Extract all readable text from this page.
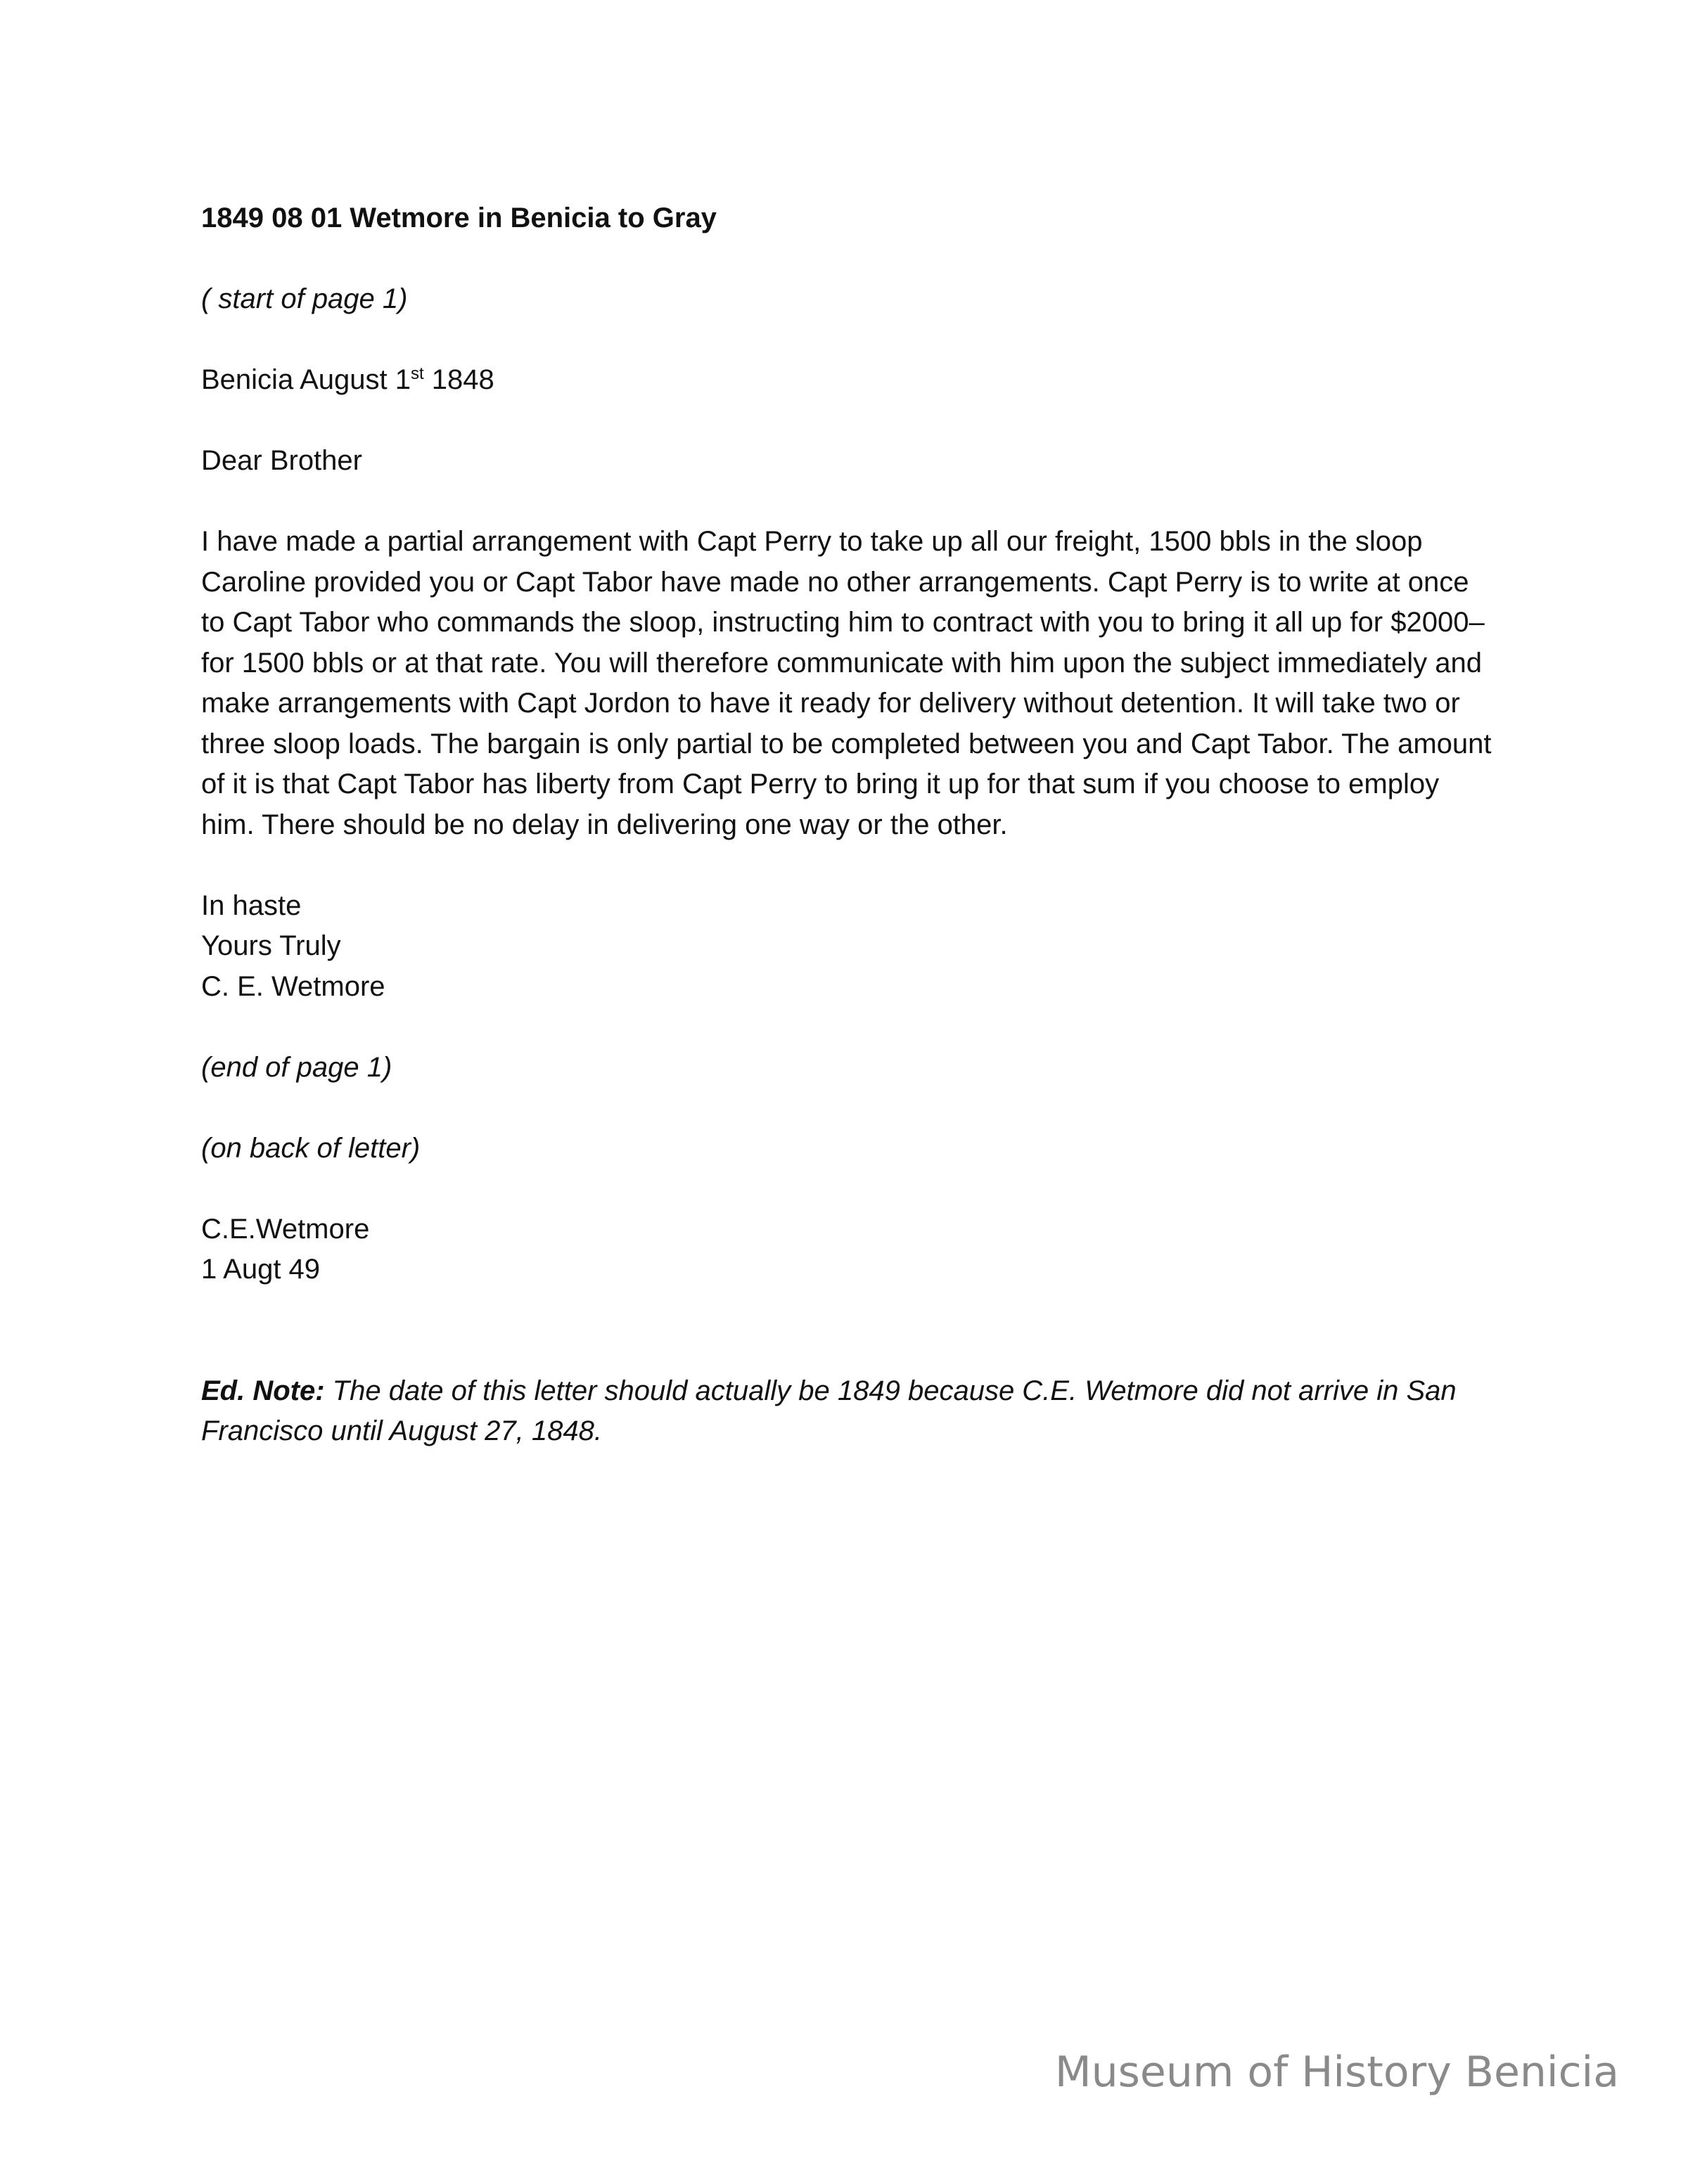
1849 08 01 Wetmore in Benicia to Gray

( start of page 1)

Benicia August 1st 1848

Dear Brother

I have made a partial arrangement with Capt Perry to take up all our freight, 1500 bbls in the sloop Caroline provided you or Capt Tabor have made no other arrangements. Capt Perry is to write at once to Capt Tabor who commands the sloop, instructing him to contract with you to bring it all up for $2000– for 1500 bbls or at that rate. You will therefore communicate with him upon the subject immediately and make arrangements with Capt Jordon to have it ready for delivery without detention. It will take two or three sloop loads. The bargain is only partial to be completed between you and Capt Tabor. The amount of it is that Capt Tabor has liberty from Capt Perry to bring it up for that sum if you choose to employ him. There should be no delay in delivering one way or the other.

In haste
Yours Truly
C. E. Wetmore

(end of page 1)

(on back of letter)

C.E.Wetmore
1 Augt 49

Ed. Note: The date of this letter should actually be 1849 because C.E. Wetmore did not arrive in San Francisco until August 27, 1848.

Museum of History Benicia
